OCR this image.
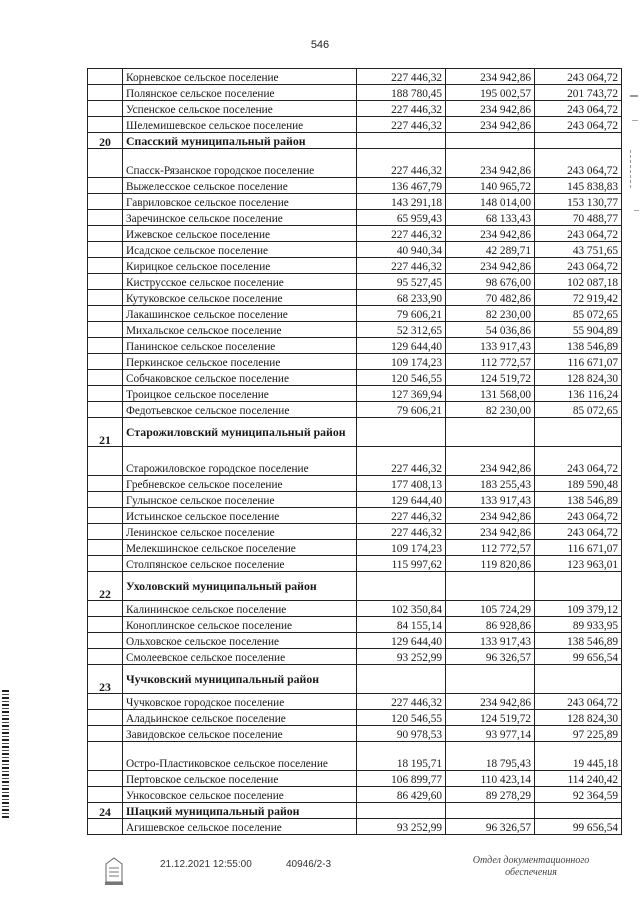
546
	Корневское сельское поселение	227 446,32	234 942,86	243 064,72
	Полянское сельское поселение	188 780,45	195 002,57	201 743,72
	Успенское сельское поселение	227 446,32	234 942,86	243 064,72
	Шелемишевское сельское поселение	227 446,32	234 942,86	243 064,72
20	Спасский муниципальный район			
	Спасск-Рязанское городское поселение	227 446,32	234 942,86	243 064,72
	Выжелесское сельское поселение	136 467,79	140 965,72	145 838,83
	Гавриловское сельское поселение	143 291,18	148 014,00	153 130,77
	Заречинское сельское поселение	65 959,43	68 133,43	70 488,77
	Ижевское сельское поселение	227 446,32	234 942,86	243 064,72
	Исадское сельское поселение	40 940,34	42 289,71	43 751,65
	Кирицкое сельское поселение	227 446,32	234 942,86	243 064,72
	Киструсское сельское поселение	95 527,45	98 676,00	102 087,18
	Кутуковское сельское поселение	68 233,90	70 482,86	72 919,42
	Лакашинское сельское поселение	79 606,21	82 230,00	85 072,65
	Михальское сельское поселение	52 312,65	54 036,86	55 904,89
	Панинское сельское поселение	129 644,40	133 917,43	138 546,89
	Перкинское сельское поселение	109 174,23	112 772,57	116 671,07
	Собчаковское сельское поселение	120 546,55	124 519,72	128 824,30
	Троицкое сельское поселение	127 369,94	131 568,00	136 116,24
	Федотьевское сельское поселение	79 606,21	82 230,00	85 072,65
21	Старожиловский муниципальный район			
	Старожиловское городское поселение	227 446,32	234 942,86	243 064,72
	Гребневское сельское поселение	177 408,13	183 255,43	189 590,48
	Гулынское сельское поселение	129 644,40	133 917,43	138 546,89
	Истьинское сельское поселение	227 446,32	234 942,86	243 064,72
	Ленинское сельское поселение	227 446,32	234 942,86	243 064,72
	Мелекшинское сельское поселение	109 174,23	112 772,57	116 671,07
	Столпянское сельское поселение	115 997,62	119 820,86	123 963,01
22	Ухоловский муниципальный район			
	Калининское сельское поселение	102 350,84	105 724,29	109 379,12
	Коноплинское сельское поселение	84 155,14	86 928,86	89 933,95
	Ольховское сельское поселение	129 644,40	133 917,43	138 546,89
	Смолеевское сельское поселение	93 252,99	96 326,57	99 656,54
23	Чучковский муниципальный район			
	Чучковское городское поселение	227 446,32	234 942,86	243 064,72
	Аладьинское сельское поселение	120 546,55	124 519,72	128 824,30
	Завидовское сельское поселение	90 978,53	93 977,14	97 225,89
	Остро-Пластиковское сельское поселение	18 195,71	18 795,43	19 445,18
	Пертовское сельское поселение	106 899,77	110 423,14	114 240,42
	Ункосовское сельское поселение	86 429,60	89 278,29	92 364,59
24	Шацкий муниципальный район			
	Агишевское сельское поселение	93 252,99	96 326,57	99 656,54
21.12.2021 12:55:00	40946/2-3	Отдел документационного
обеспечения
